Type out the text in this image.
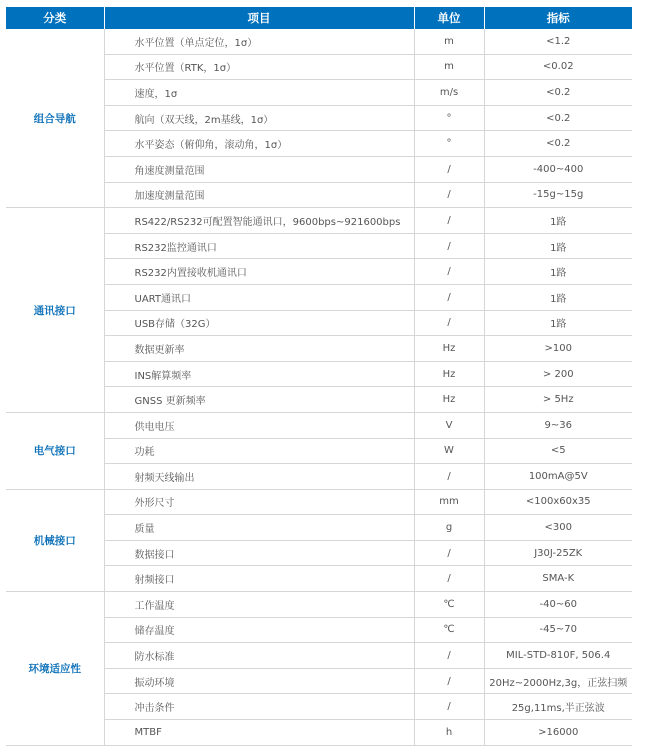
分类	项目	单位	指标
组合导航	水平位置（单点定位，1σ）	m	<1.2
	水平位置（RTK，1σ）	m	<0.02
	速度，1σ	m/s	<0.2
	航向（双天线，2m基线，1σ）	°	<0.2
	水平姿态（俯仰角，滚动角，1σ）	°	<0.2
	角速度测量范围	/	-400~400
	加速度测量范围	/	-15g~15g
通讯接口	RS422/RS232可配置智能通讯口，9600bps~921600bps	/	1路
	RS232监控通讯口	/	1路
	RS232内置接收机通讯口	/	1路
	UART通讯口	/	1路
	USB存储（32G）	/	1路
	数据更新率	Hz	>100
	INS解算频率	Hz	> 200
	GNSS 更新频率	Hz	> 5Hz
电气接口	供电电压	V	9~36
	功耗	W	<5
	射频天线输出	/	100mA@5V
机械接口	外形尺寸	mm	<100x60x35
	质量	g	<300
	数据接口	/	J30J-25ZK
	射频接口	/	SMA-K
环境适应性	工作温度	℃	-40~60
	储存温度	℃	-45~70
	防水标准	/	MIL-STD-810F, 506.4
	振动环境	/	20Hz~2000Hz,3g，正弦扫频
	冲击条件	/	25g,11ms,半正弦波
	MTBF	h	>16000
